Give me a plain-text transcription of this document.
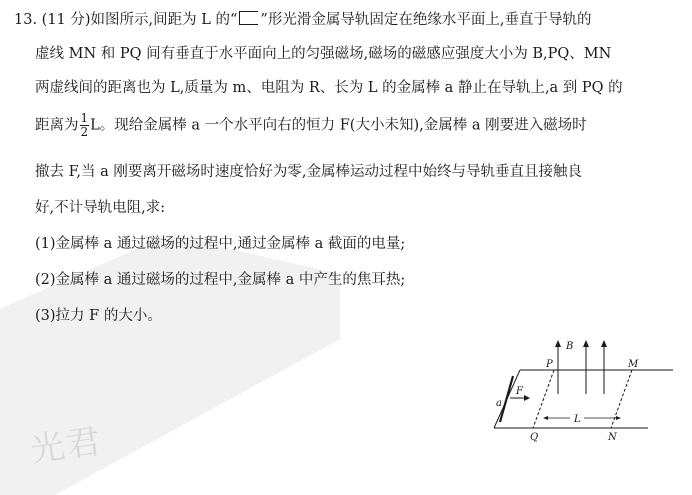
光君
13. (11 分)如图所示,间距为 L 的“ ”形光滑金属导轨固定在绝缘水平面上,垂直于导轨的
虚线 MN 和 PQ 间有垂直于水平面向上的匀强磁场,磁场的磁感应强度大小为 B,PQ、MN
两虚线间的距离也为 L,质量为 m、电阻为 R、长为 L 的金属棒 a 静止在导轨上,a 到 PQ 的
距离为 $\frac{1}{2}$ L。现给金属棒 a 一个水平向右的恒力 F(大小未知),金属棒 a 刚要进入磁场时
撤去 F,当 a 刚要离开磁场时速度恰好为零,金属棒运动过程中始终与导轨垂直且接触良
好,不计导轨电阻,求:
(1)金属棒 a 通过磁场的过程中,通过金属棒 a 截面的电量;
(2)金属棒 a 通过磁场的过程中,金属棒 a 中产生的焦耳热;
(3)拉力 F 的大小。
B
P	M
F
a
L
Q	N
